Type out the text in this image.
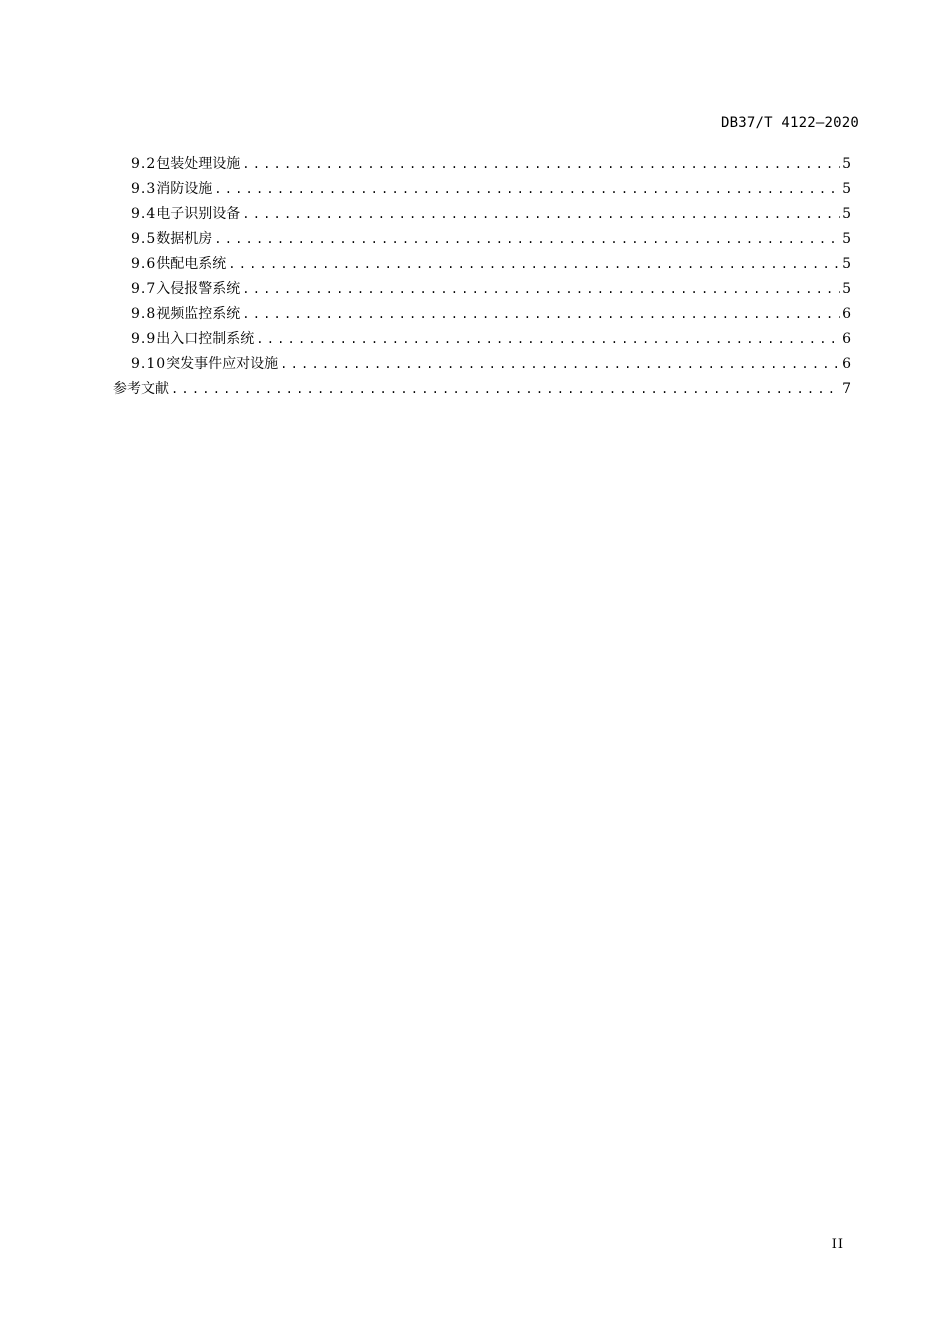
DB37/T 4122—2020
9.2 包装处理设施 .....	5
9.3 消防设施 .....	5
9.4 电子识别设备 .....	5
9.5 数据机房 .....	5
9.6 供配电系统 .....	5
9.7 入侵报警系统 .....	5
9.8 视频监控系统 .....	6
9.9 出入口控制系统 .....	6
9.10 突发事件应对设施 .....	6
参考文献 .....	7
II
